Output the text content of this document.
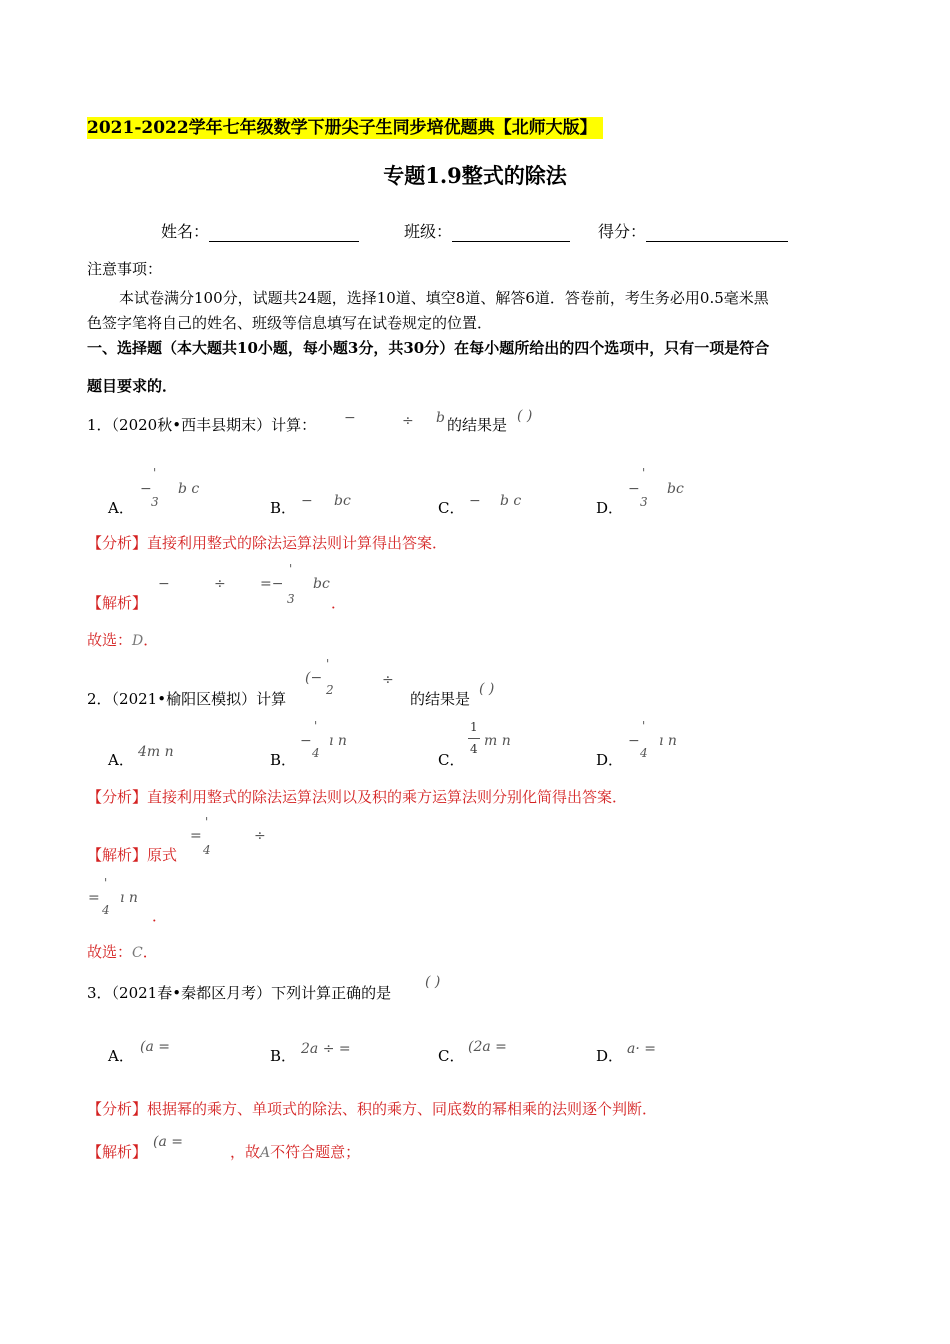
2021-2022学年七年级数学下册尖子生同步培优题典【北师大版】
专题1.9整式的除法
姓名：	班级：	得分：
注意事项：
本试卷满分100分，试题共24题，选择10道、填空8道、解答6道．答卷前，考生务必用0.5毫米黑
色签字笔将自己的姓名、班级等信息填写在试卷规定的位置．
一、选择题（本大题共10小题，每小题3分，共30分）在每小题所给出的四个选项中，只有一项是符合
题目要求的．
1．（2020秋•西丰县期末）计算： −	÷ b 的结果是 ( )
A．
−
'
3
b c
B． − bc	C． − b c	D．
−
'
3
bc
【分析】直接利用整式的除法运算法则计算得出答案．
【解析】
−	÷ =−
'
3
bc
．
故选：D．
2．（2021•榆阳区模拟）计算
(−
'
2
÷
的结果是
( )
A． 4m n	B．
−
'
4
ı n
C．
1
4 m n
D．
−
'
4
ı n
【分析】直接利用整式的除法运算法则以及积的乘方运算法则分别化简得出答案．
【解析】原式
=
'
4
÷
=
'
4
ı n
．
故选：C．
3．（2021春•秦都区月考）下列计算正确的是
( )
A． (a =	B． 2a ÷ =	C． (2a =	D． a· =
【分析】根据幂的乘方、单项式的除法、积的乘方、同底数的幂相乘的法则逐个判断．
【解析】
(a =
，故A不符合题意；
